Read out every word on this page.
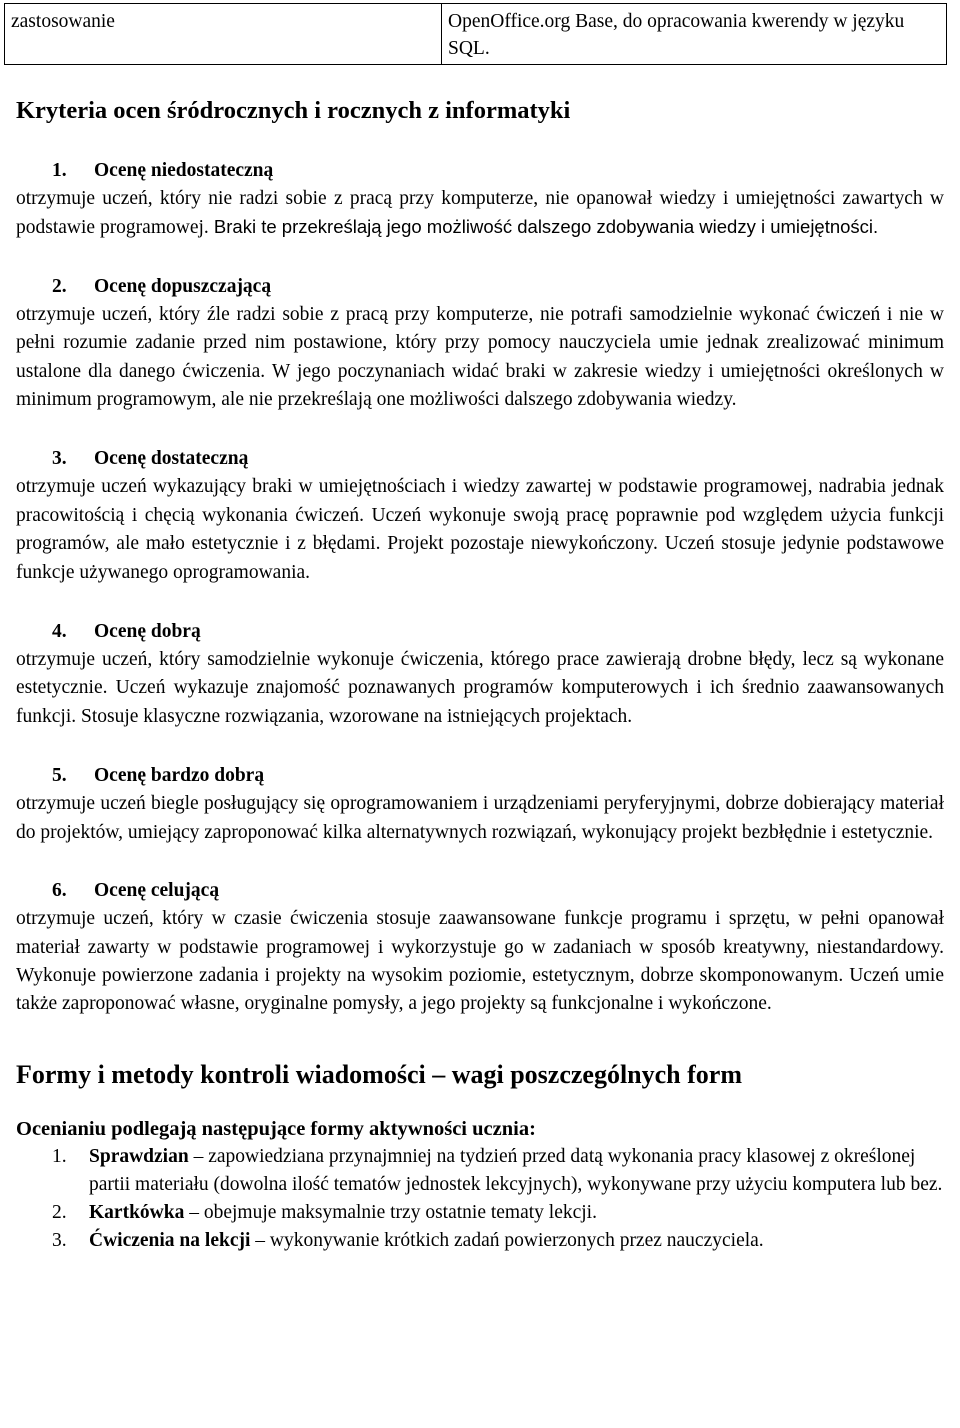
zastosowanie	OpenOffice.org Base, do opracowania kwerendy w języku SQL.
Kryteria ocen śródrocznych i rocznych z informatyki
1. Ocenę niedostateczną

otrzymuje uczeń, który nie radzi sobie z pracą przy komputerze, nie opanował wiedzy i umiejętności zawartych w podstawie programowej. Braki te przekreślają jego możliwość dalszego zdobywania wiedzy i umiejętności.

2. Ocenę dopuszczającą

otrzymuje uczeń, który źle radzi sobie z pracą przy komputerze, nie potrafi samodzielnie wykonać ćwiczeń i nie w pełni rozumie zadanie przed nim postawione, który przy pomocy nauczyciela umie jednak zrealizować minimum ustalone dla danego ćwiczenia. W jego poczynaniach widać braki w zakresie wiedzy i umiejętności określonych w minimum programowym, ale nie przekreślają one możliwości dalszego zdobywania wiedzy.

3. Ocenę dostateczną

otrzymuje uczeń wykazujący braki w umiejętnościach i wiedzy zawartej w podstawie programowej, nadrabia jednak pracowitością i chęcią wykonania ćwiczeń. Uczeń wykonuje swoją pracę poprawnie pod względem użycia funkcji programów, ale mało estetycznie i z błędami. Projekt pozostaje niewykończony. Uczeń stosuje jedynie podstawowe funkcje używanego oprogramowania.

4. Ocenę dobrą

otrzymuje uczeń, który samodzielnie wykonuje ćwiczenia, którego prace zawierają drobne błędy, lecz są wykonane estetycznie. Uczeń wykazuje znajomość poznawanych programów komputerowych i ich średnio zaawansowanych funkcji. Stosuje klasyczne rozwiązania, wzorowane na istniejących projektach.

5. Ocenę bardzo dobrą

otrzymuje uczeń biegle posługujący się oprogramowaniem i urządzeniami peryferyjnymi, dobrze dobierający materiał do projektów, umiejący zaproponować kilka alternatywnych rozwiązań, wykonujący projekt bezbłędnie i estetycznie.

6. Ocenę celującą

otrzymuje uczeń, który w czasie ćwiczenia stosuje zaawansowane funkcje programu i sprzętu, w pełni opanował materiał zawarty w podstawie programowej i wykorzystuje go w zadaniach w sposób kreatywny, niestandardowy. Wykonuje powierzone zadania i projekty na wysokim poziomie, estetycznym, dobrze skomponowanym. Uczeń umie także zaproponować własne, oryginalne pomysły, a jego projekty są funkcjonalne i wykończone.

Formy i metody kontroli wiadomości – wagi poszczególnych form
Ocenianiu podlegają następujące formy aktywności ucznia:
1. Sprawdzian – zapowiedziana przynajmniej na tydzień przed datą wykonania pracy klasowej z określonej partii materiału (dowolna ilość tematów jednostek lekcyjnych), wykonywane przy użyciu komputera lub bez.
2. Kartkówka – obejmuje maksymalnie trzy ostatnie tematy lekcji.
3. Ćwiczenia na lekcji – wykonywanie krótkich zadań powierzonych przez nauczyciela.
